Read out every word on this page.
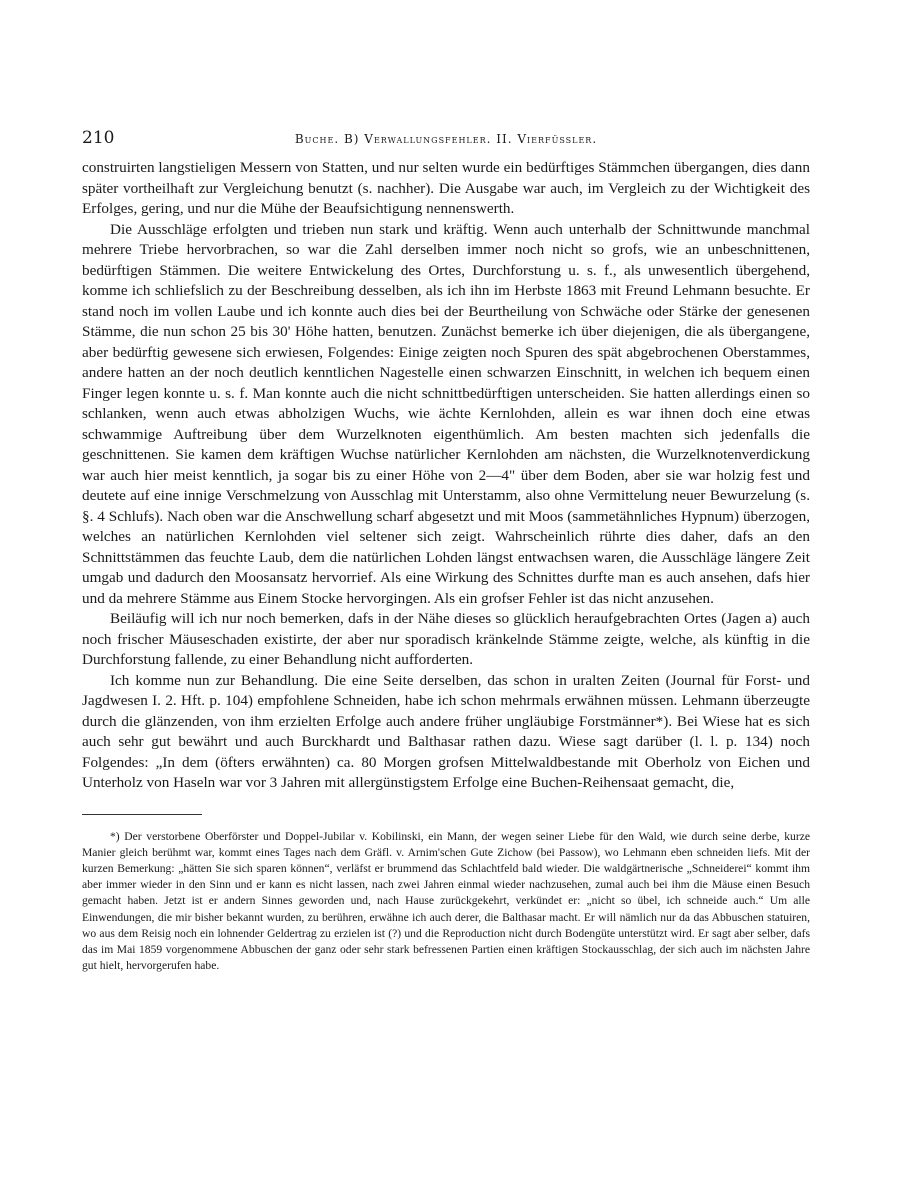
210	Buche. B) Verwallungsfehler. II. Vierfüssler.

construirten langstieligen Messern von Statten, und nur selten wurde ein bedürftiges Stämmchen übergangen, dies dann später vortheilhaft zur Vergleichung benutzt (s. nachher). Die Ausgabe war auch, im Vergleich zu der Wichtigkeit des Erfolges, gering, und nur die Mühe der Beaufsichtigung nennenswerth.

Die Ausschläge erfolgten und trieben nun stark und kräftig. Wenn auch unterhalb der Schnittwunde manchmal mehrere Triebe hervorbrachen, so war die Zahl derselben immer noch nicht so grofs, wie an unbeschnittenen, bedürftigen Stämmen. Die weitere Entwickelung des Ortes, Durchforstung u. s. f., als unwesentlich übergehend, komme ich schliefslich zu der Beschreibung desselben, als ich ihn im Herbste 1863 mit Freund Lehmann besuchte. Er stand noch im vollen Laube und ich konnte auch dies bei der Beurtheilung von Schwäche oder Stärke der genesenen Stämme, die nun schon 25 bis 30' Höhe hatten, benutzen. Zunächst bemerke ich über diejenigen, die als übergangene, aber bedürftig gewesene sich erwiesen, Folgendes: Einige zeigten noch Spuren des spät abgebrochenen Oberstammes, andere hatten an der noch deutlich kenntlichen Nagestelle einen schwarzen Einschnitt, in welchen ich bequem einen Finger legen konnte u. s. f. Man konnte auch die nicht schnittbedürftigen unterscheiden. Sie hatten allerdings einen so schlanken, wenn auch etwas abholzigen Wuchs, wie ächte Kernlohden, allein es war ihnen doch eine etwas schwammige Auftreibung über dem Wurzelknoten eigenthümlich. Am besten machten sich jedenfalls die geschnittenen. Sie kamen dem kräftigen Wuchse natürlicher Kernlohden am nächsten, die Wurzelknotenverdickung war auch hier meist kenntlich, ja sogar bis zu einer Höhe von 2—4" über dem Boden, aber sie war holzig fest und deutete auf eine innige Verschmelzung von Ausschlag mit Unterstamm, also ohne Vermittelung neuer Bewurzelung (s. §. 4 Schlufs). Nach oben war die Anschwellung scharf abgesetzt und mit Moos (sammetähnliches Hypnum) überzogen, welches an natürlichen Kernlohden viel seltener sich zeigt. Wahrscheinlich rührte dies daher, dafs an den Schnittstämmen das feuchte Laub, dem die natürlichen Lohden längst entwachsen waren, die Ausschläge längere Zeit umgab und dadurch den Moosansatz hervorrief. Als eine Wirkung des Schnittes durfte man es auch ansehen, dafs hier und da mehrere Stämme aus Einem Stocke hervorgingen. Als ein grofser Fehler ist das nicht anzusehen.

Beiläufig will ich nur noch bemerken, dafs in der Nähe dieses so glücklich heraufgebrachten Ortes (Jagen a) auch noch frischer Mäuseschaden existirte, der aber nur sporadisch kränkelnde Stämme zeigte, welche, als künftig in die Durchforstung fallende, zu einer Behandlung nicht aufforderten.

Ich komme nun zur Behandlung. Die eine Seite derselben, das schon in uralten Zeiten (Journal für Forst- und Jagdwesen I. 2. Hft. p. 104) empfohlene Schneiden, habe ich schon mehrmals erwähnen müssen. Lehmann überzeugte durch die glänzenden, von ihm erzielten Erfolge auch andere früher ungläubige Forstmänner*). Bei Wiese hat es sich auch sehr gut bewährt und auch Burckhardt und Balthasar rathen dazu. Wiese sagt darüber (l. l. p. 134) noch Folgendes: „In dem (öfters erwähnten) ca. 80 Morgen grofsen Mittelwaldbestande mit Oberholz von Eichen und Unterholz von Haseln war vor 3 Jahren mit allergünstigstem Erfolge eine Buchen-Reihensaat gemacht, die,

*) Der verstorbene Oberförster und Doppel-Jubilar v. Kobilinski, ein Mann, der wegen seiner Liebe für den Wald, wie durch seine derbe, kurze Manier gleich berühmt war, kommt eines Tages nach dem Gräfl. v. Arnim'schen Gute Zichow (bei Passow), wo Lehmann eben schneiden liefs. Mit der kurzen Bemerkung: „hätten Sie sich sparen können“, verläfst er brummend das Schlachtfeld bald wieder. Die waldgärtnerische „Schneiderei“ kommt ihm aber immer wieder in den Sinn und er kann es nicht lassen, nach zwei Jahren einmal wieder nachzusehen, zumal auch bei ihm die Mäuse einen Besuch gemacht haben. Jetzt ist er andern Sinnes geworden und, nach Hause zurückgekehrt, verkündet er: „nicht so übel, ich schneide auch.“ Um alle Einwendungen, die mir bisher bekannt wurden, zu berühren, erwähne ich auch derer, die Balthasar macht. Er will nämlich nur da das Abbuschen statuiren, wo aus dem Reisig noch ein lohnender Geldertrag zu erzielen ist (?) und die Reproduction nicht durch Bodengüte unterstützt wird. Er sagt aber selber, dafs das im Mai 1859 vorgenommene Abbuschen der ganz oder sehr stark befressenen Partien einen kräftigen Stockausschlag, der sich auch im nächsten Jahre gut hielt, hervorgerufen habe.
